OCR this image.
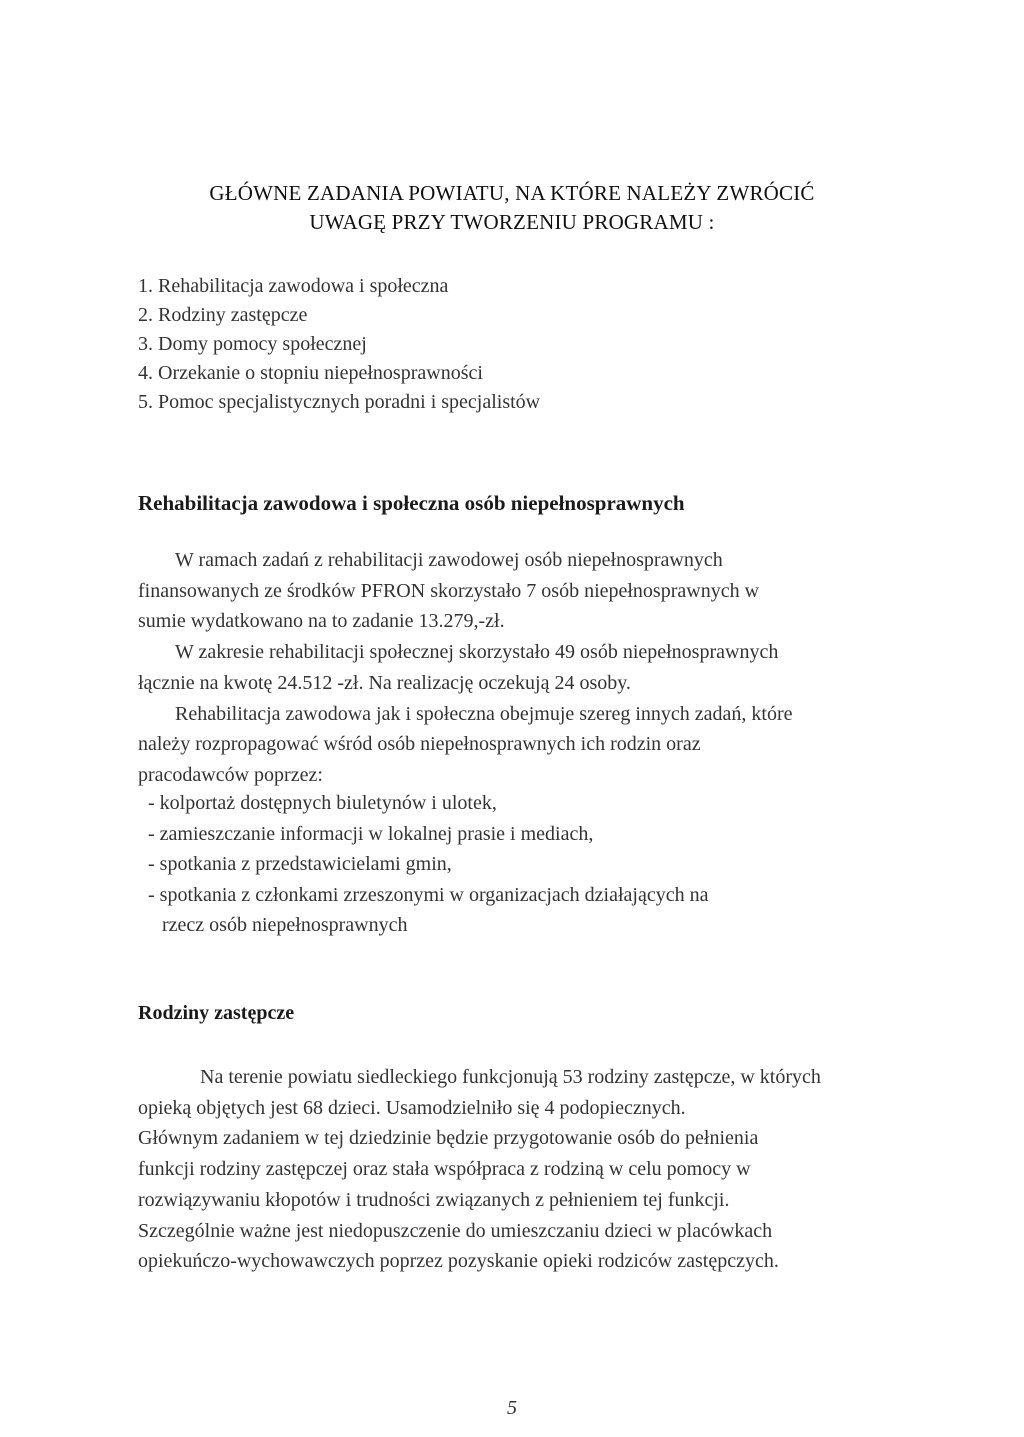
GŁÓWNE ZADANIA POWIATU, NA KTÓRE NALEŻY ZWRÓCIĆ
UWAGĘ PRZY TWORZENIU PROGRAMU :
1. Rehabilitacja zawodowa i społeczna
2. Rodziny zastępcze
3. Domy pomocy społecznej
4. Orzekanie o stopniu niepełnosprawności
5. Pomoc specjalistycznych poradni i specjalistów
Rehabilitacja zawodowa i społeczna osób niepełnosprawnych

W ramach zadań z rehabilitacji zawodowej osób niepełnosprawnych

finansowanych ze środków PFRON skorzystało 7 osób niepełnosprawnych w

sumie wydatkowano na to zadanie 13.279,-zł.

W zakresie rehabilitacji społecznej skorzystało 49 osób niepełnosprawnych

łącznie na kwotę 24.512 -zł. Na realizację oczekują 24 osoby.

Rehabilitacja zawodowa jak i społeczna obejmuje szereg innych zadań, które

należy rozpropagować wśród osób niepełnosprawnych ich rodzin oraz

pracodawców poprzez:

- kolportaż dostępnych biuletynów i ulotek,
- zamieszczanie informacji w lokalnej prasie i mediach,
- spotkania z przedstawicielami gmin,
- spotkania z członkami zrzeszonymi w organizacjach działających na
rzecz osób niepełnosprawnych
Rodziny zastępcze

Na terenie powiatu siedleckiego funkcjonują 53 rodziny zastępcze, w których

opieką objętych jest 68 dzieci. Usamodzielniło się 4 podopiecznych.

Głównym zadaniem w tej dziedzinie będzie przygotowanie osób do pełnienia

funkcji rodziny zastępczej oraz stała współpraca z rodziną w celu pomocy w

rozwiązywaniu kłopotów i trudności związanych z pełnieniem tej funkcji.

Szczególnie ważne jest niedopuszczenie do umieszczaniu dzieci w placówkach

opiekuńczo-wychowawczych poprzez pozyskanie opieki rodziców zastępczych.

5
